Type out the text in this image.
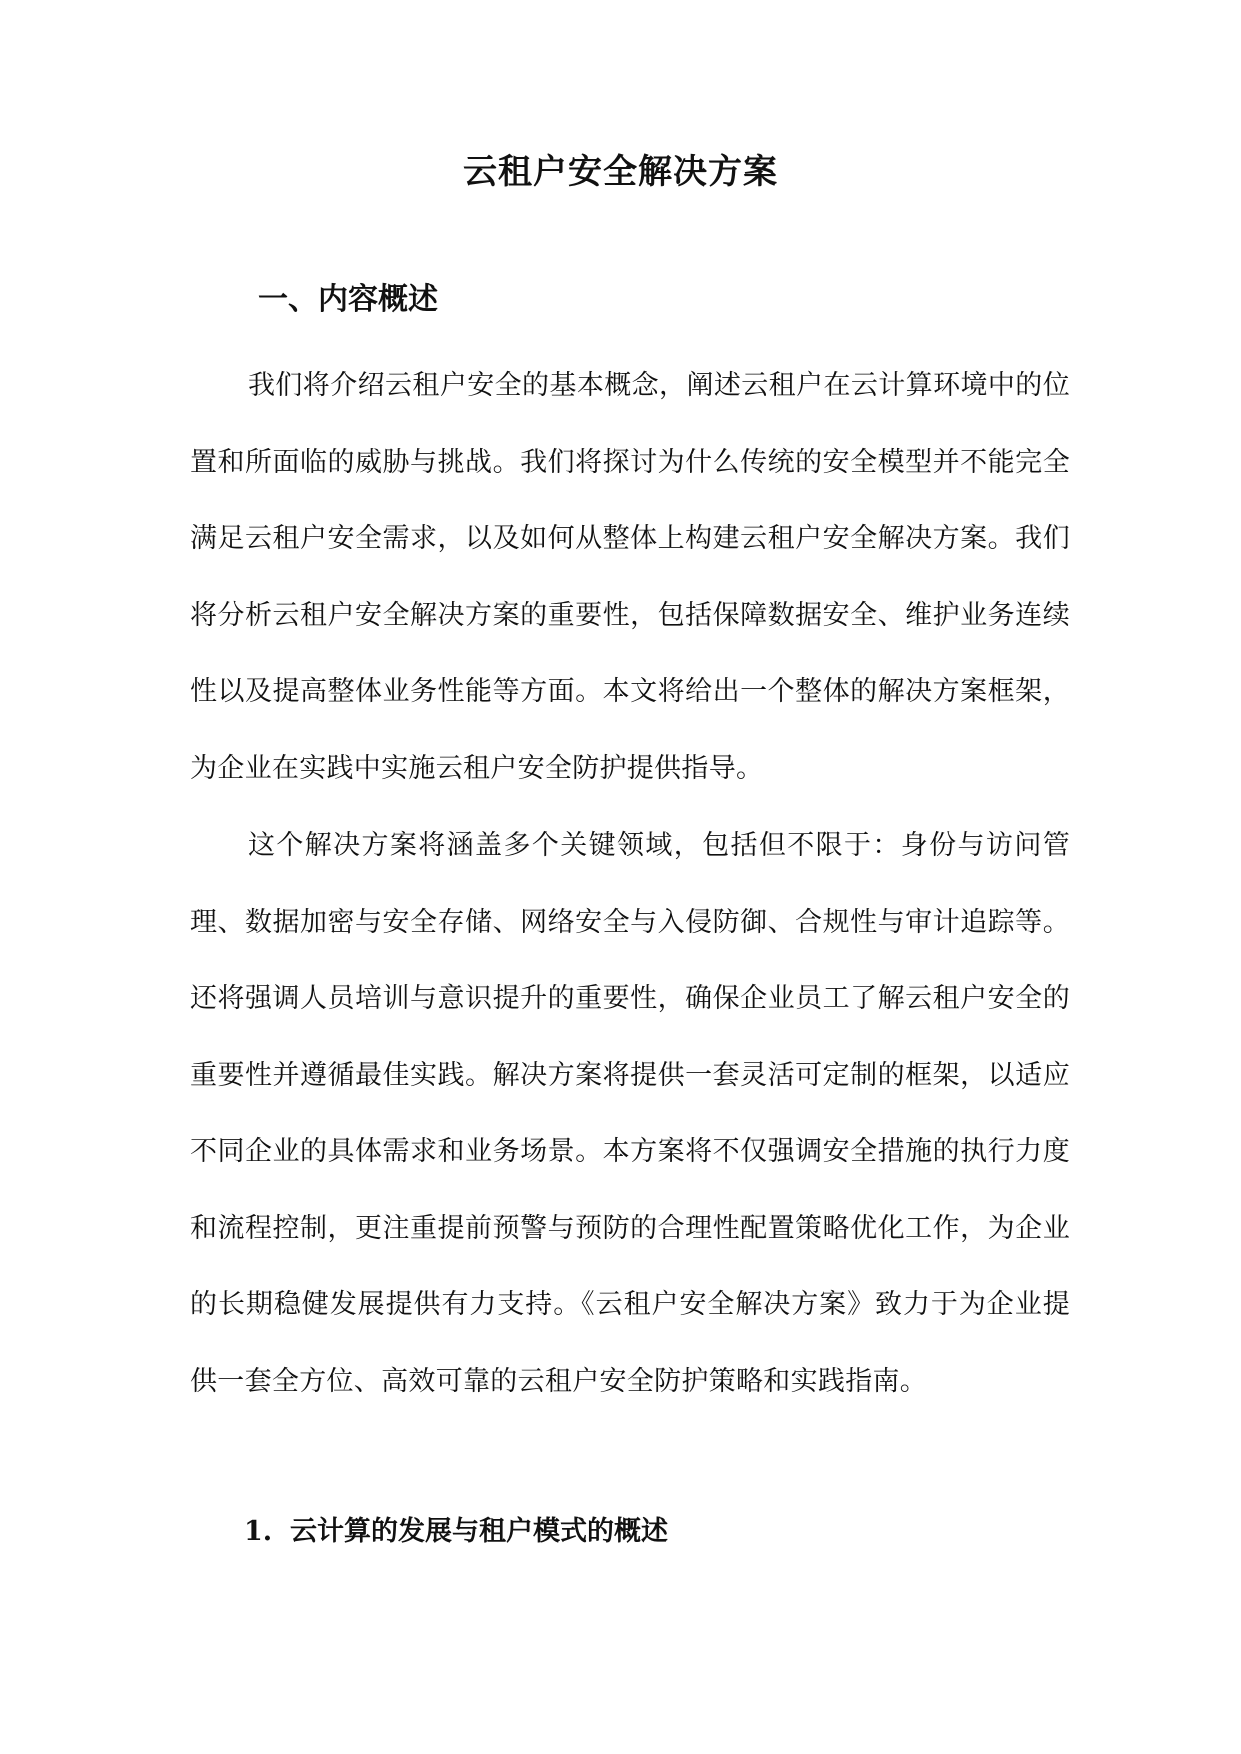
云租户安全解决方案
一、内容概述

我们将介绍云租户安全的基本概念，阐述云租户在云计算环境中的位置和所面临的威胁与挑战。我们将探讨为什么传统的安全模型并不能完全满足云租户安全需求，以及如何从整体上构建云租户安全解决方案。我们将分析云租户安全解决方案的重要性，包括保障数据安全、维护业务连续性以及提高整体业务性能等方面。本文将给出一个整体的解决方案框架，为企业在实践中实施云租户安全防护提供指导。

这个解决方案将涵盖多个关键领域，包括但不限于：身份与访问管理、数据加密与安全存储、网络安全与入侵防御、合规性与审计追踪等。还将强调人员培训与意识提升的重要性，确保企业员工了解云租户安全的重要性并遵循最佳实践。解决方案将提供一套灵活可定制的框架，以适应不同企业的具体需求和业务场景。本方案将不仅强调安全措施的执行力度和流程控制，更注重提前预警与预防的合理性配置策略优化工作，为企业的长期稳健发展提供有力支持。《云租户安全解决方案》致力于为企业提供一套全方位、高效可靠的云租户安全防护策略和实践指南。

1. 云计算的发展与租户模式的概述
